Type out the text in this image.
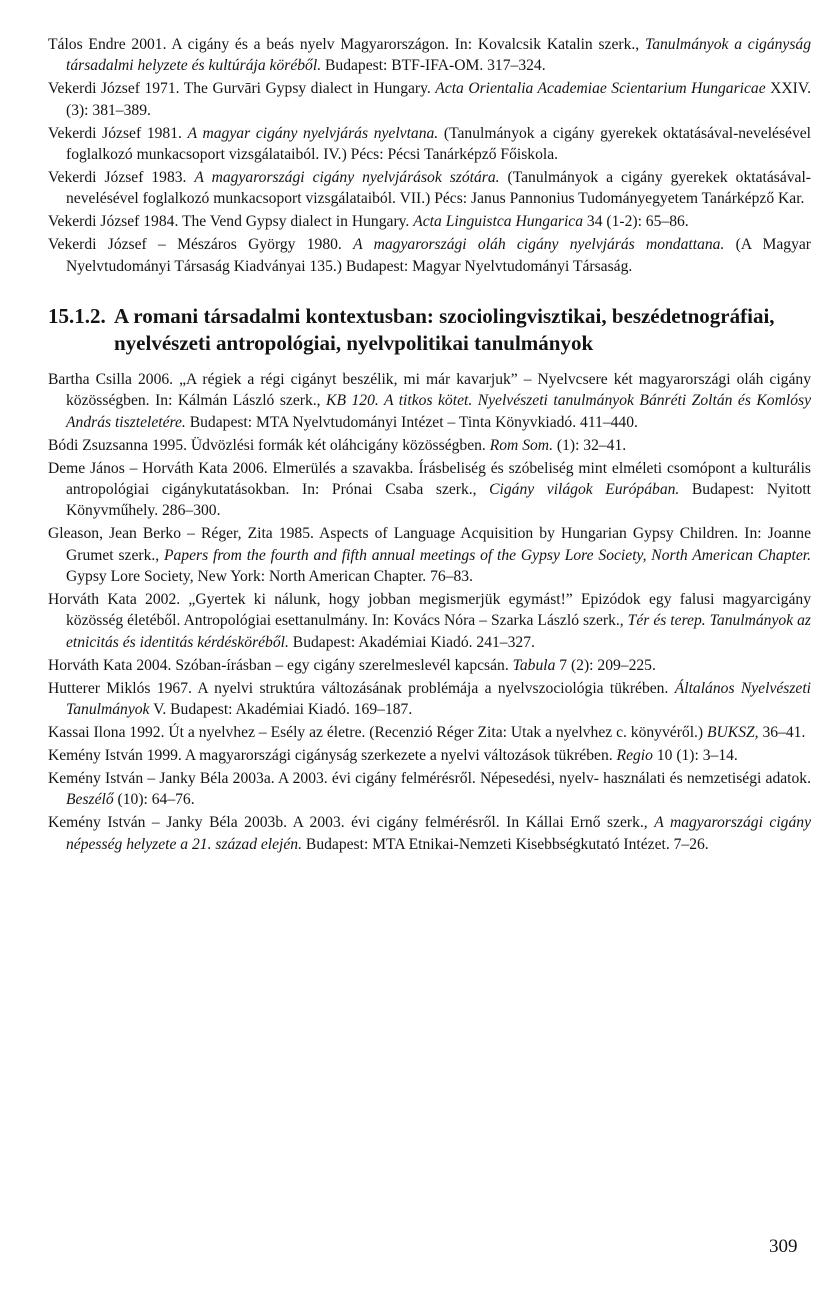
Tálos Endre 2001. A cigány és a beás nyelv Magyarországon. In: Kovalcsik Katalin szerk., Tanulmányok a cigányság társadalmi helyzete és kultúrája köréből. Budapest: BTF-IFA-OM. 317–324.

Vekerdi József 1971. The Gurvāri Gypsy dialect in Hungary. Acta Orientalia Academiae Scientarium Hungaricae XXIV. (3): 381–389.

Vekerdi József 1981. A magyar cigány nyelvjárás nyelvtana. (Tanulmányok a cigány gyerekek oktatásával-nevelésével foglalkozó munkacsoport vizsgálataiból. IV.) Pécs: Pécsi Tanárképző Főiskola.

Vekerdi József 1983. A magyarországi cigány nyelvjárások szótára. (Tanulmányok a cigány gyerekek oktatásával-nevelésével foglalkozó munkacsoport vizsgálataiból. VII.) Pécs: Janus Pannonius Tudományegyetem Tanárképző Kar.

Vekerdi József 1984. The Vend Gypsy dialect in Hungary. Acta Linguistca Hungarica 34 (1-2): 65–86.

Vekerdi József – Mészáros György 1980. A magyarországi oláh cigány nyelvjárás mondattana. (A Magyar Nyelvtudományi Társaság Kiadványai 135.) Budapest: Magyar Nyelvtudományi Társaság.

15.1.2. A romani társadalmi kontextusban: szociolingvisztikai, beszédetnográfiai, nyelvészeti antropológiai, nyelvpolitikai tanulmányok

Bartha Csilla 2006. „A régiek a régi cigányt beszélik, mi már kavarjuk” – Nyelvcsere két magyarországi oláh cigány közösségben. In: Kálmán László szerk., KB 120. A titkos kötet. Nyelvészeti tanulmányok Bánréti Zoltán és Komlósy András tiszteletére. Budapest: MTA Nyelvtudományi Intézet – Tinta Könyvkiadó. 411–440.

Bódi Zsuzsanna 1995. Üdvözlési formák két oláhcigány közösségben. Rom Som. (1): 32–41.

Deme János – Horváth Kata 2006. Elmerülés a szavakba. Írásbeliség és szóbeliség mint elméleti csomópont a kulturális antropológiai cigánykutatásokban. In: Prónai Csaba szerk., Cigány világok Európában. Budapest: Nyitott Könyvműhely. 286–300.

Gleason, Jean Berko – Réger, Zita 1985. Aspects of Language Acquisition by Hungarian Gypsy Children. In: Joanne Grumet szerk., Papers from the fourth and fifth annual meetings of the Gypsy Lore Society, North American Chapter. Gypsy Lore Society, New York: North American Chapter. 76–83.

Horváth Kata 2002. „Gyertek ki nálunk, hogy jobban megismerjük egymást!” Epizódok egy falusi magyarcigány közösség életéből. Antropológiai esettanulmány. In: Kovács Nóra – Szarka László szerk., Tér és terep. Tanulmányok az etnicitás és identitás kérdésköréből. Budapest: Akadémiai Kiadó. 241–327.

Horváth Kata 2004. Szóban-írásban – egy cigány szerelmeslevél kapcsán. Tabula 7 (2): 209–225.

Hutterer Miklós 1967. A nyelvi struktúra változásának problémája a nyelvszociológia tükrében. Általános Nyelvészeti Tanulmányok V. Budapest: Akadémiai Kiadó. 169–187.

Kassai Ilona 1992. Út a nyelvhez – Esély az életre. (Recenzió Réger Zita: Utak a nyelvhez c. könyvéről.) BUKSZ, 36–41.

Kemény István 1999. A magyarországi cigányság szerkezete a nyelvi változások tükrében. Regio 10 (1): 3–14.

Kemény István – Janky Béla 2003a. A 2003. évi cigány felmérésről. Népesedési, nyelv- használati és nemzetiségi adatok. Beszélő (10): 64–76.

Kemény István – Janky Béla 2003b. A 2003. évi cigány felmérésről. In Kállai Ernő szerk., A magyarországi cigány népesség helyzete a 21. század elején. Budapest: MTA Etnikai-Nemzeti Kisebbségkutató Intézet. 7–26.

309
